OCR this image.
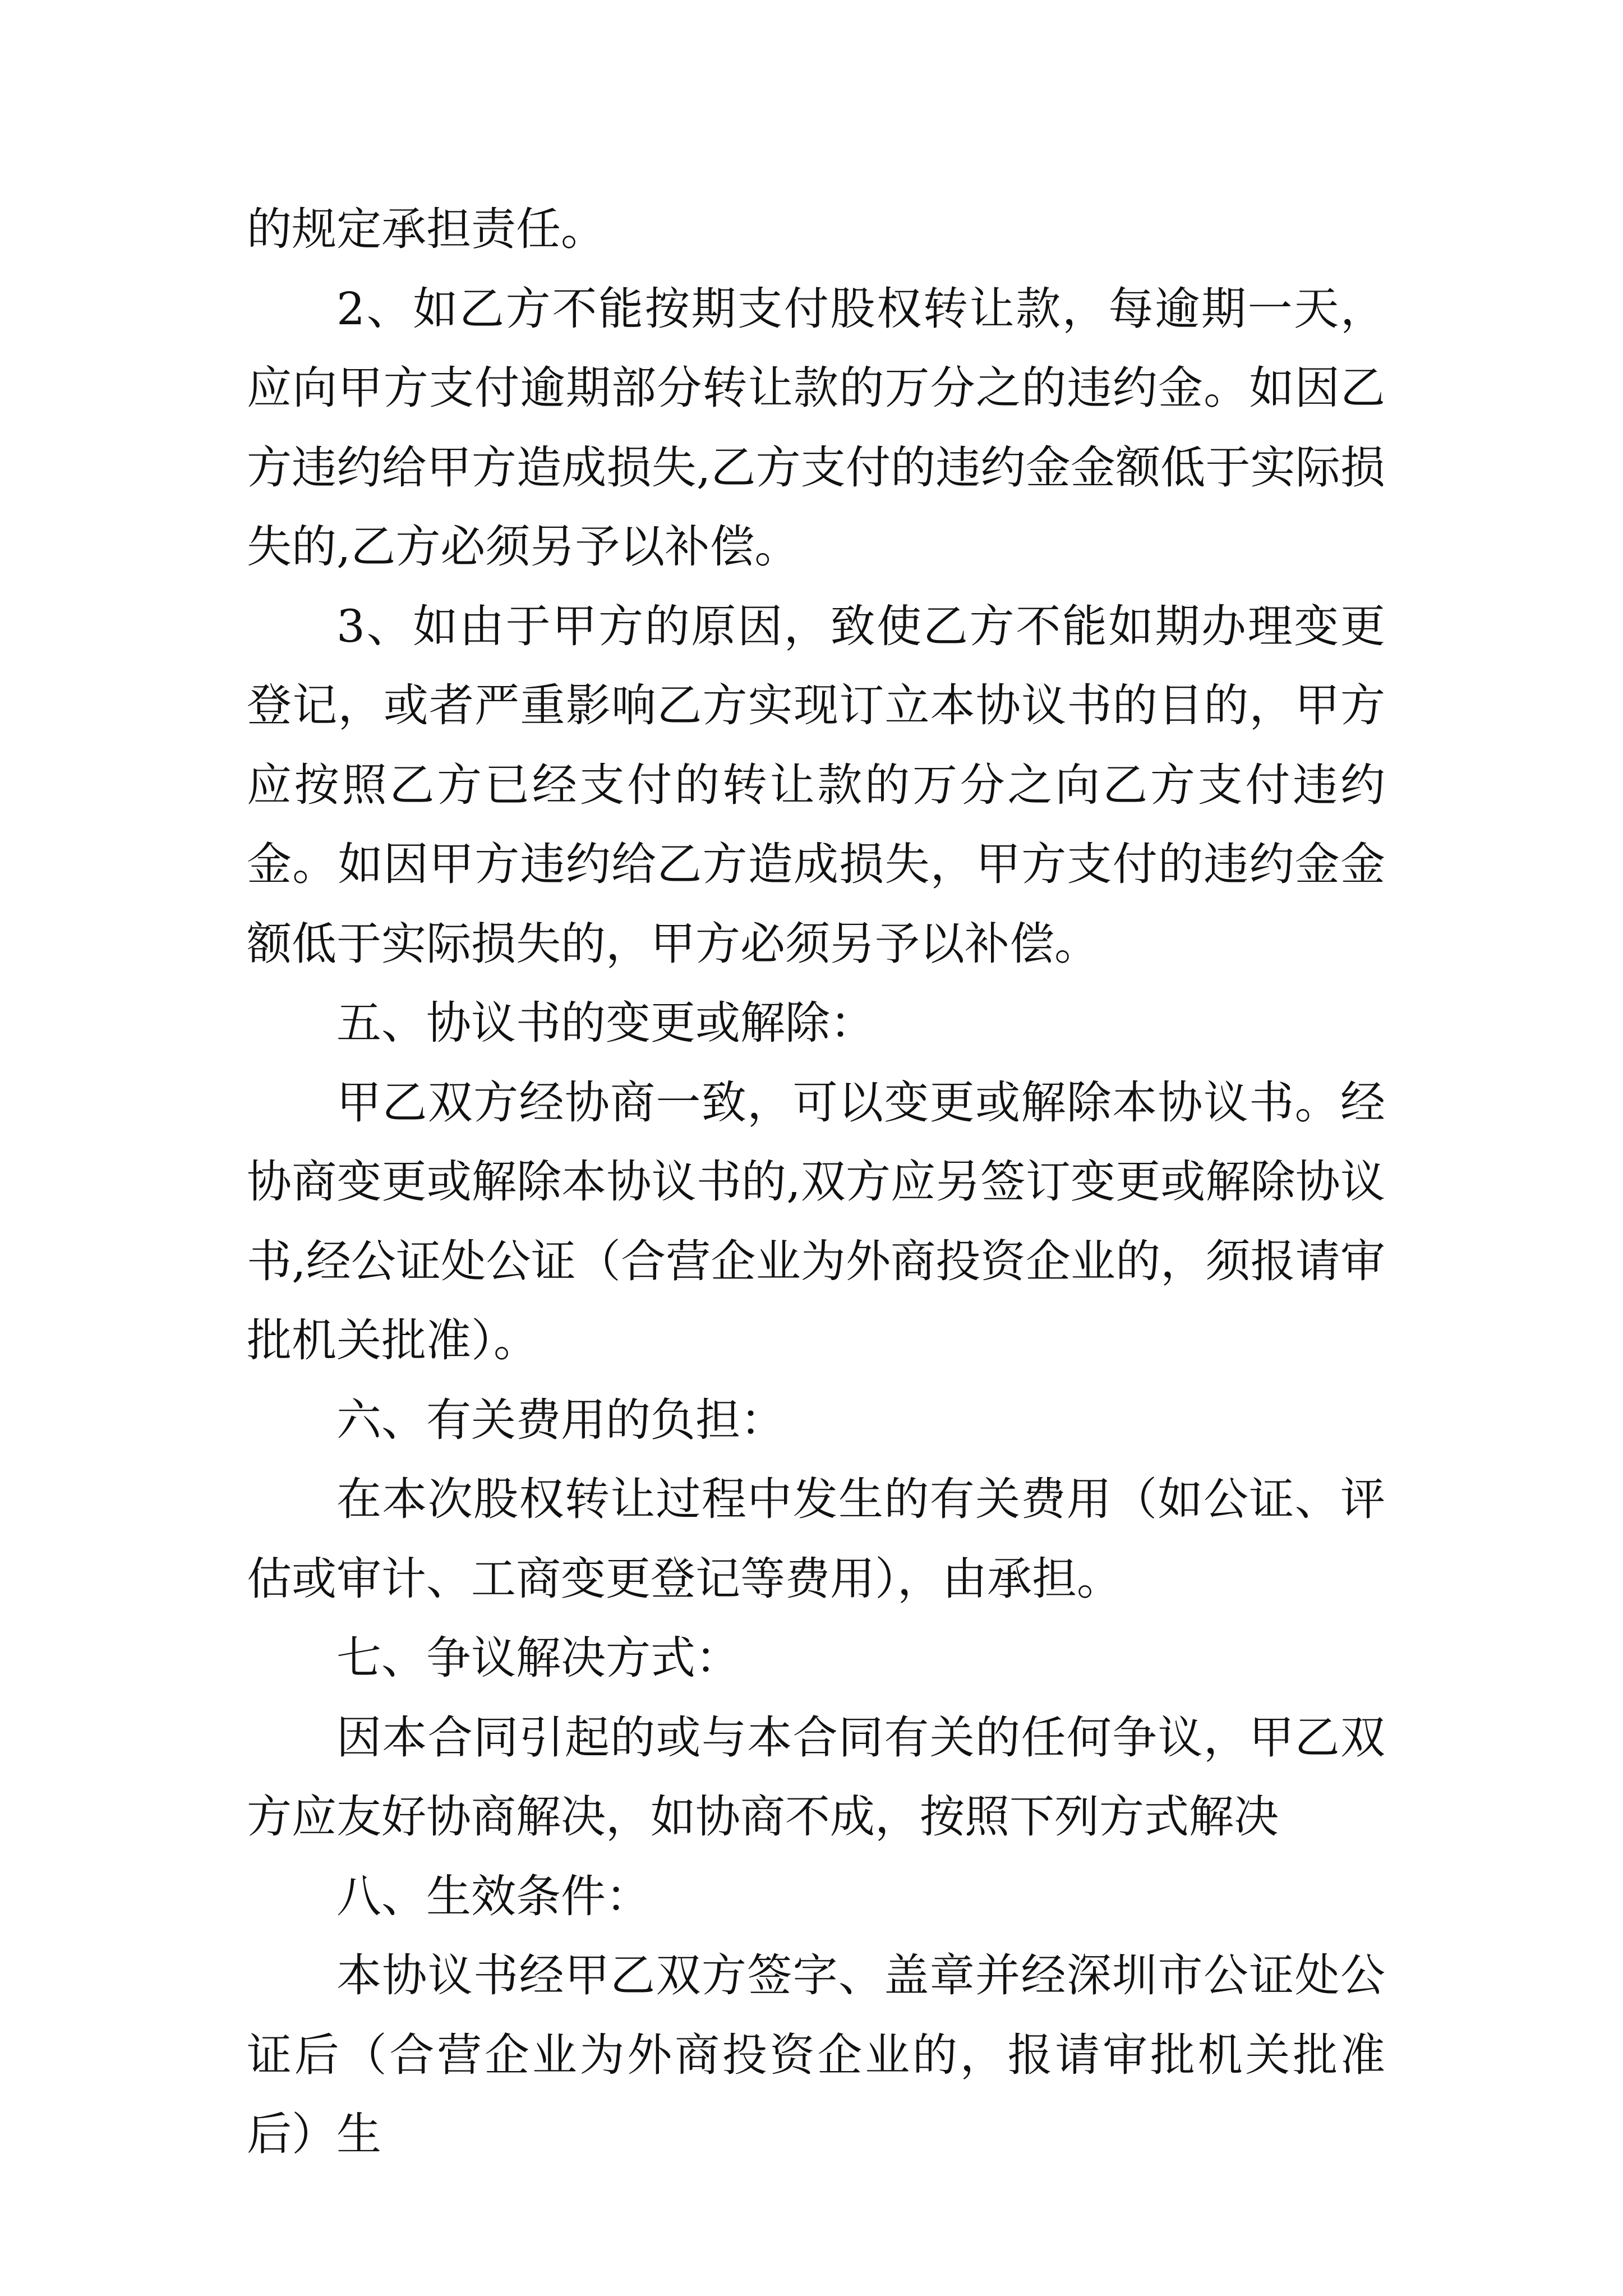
的规定承担责任。

2、如乙方不能按期支付股权转让款，每逾期一天，应向甲方支付逾期部分转让款的万分之的违约金。如因乙方违约给甲方造成损失,乙方支付的违约金金额低于实际损失的,乙方必须另予以补偿。

3、如由于甲方的原因，致使乙方不能如期办理变更登记，或者严重影响乙方实现订立本协议书的目的，甲方应按照乙方已经支付的转让款的万分之向乙方支付违约金。如因甲方违约给乙方造成损失，甲方支付的违约金金额低于实际损失的，甲方必须另予以补偿。

五、协议书的变更或解除：

甲乙双方经协商一致，可以变更或解除本协议书。经协商变更或解除本协议书的,双方应另签订变更或解除协议书,经公证处公证（合营企业为外商投资企业的，须报请审批机关批准）。

六、有关费用的负担：

在本次股权转让过程中发生的有关费用（如公证、评估或审计、工商变更登记等费用），由承担。

七、争议解决方式：

因本合同引起的或与本合同有关的任何争议，甲乙双方应友好协商解决，如协商不成，按照下列方式解决

八、生效条件：

本协议书经甲乙双方签字、盖章并经深圳市公证处公证后（合营企业为外商投资企业的，报请审批机关批准后）生
